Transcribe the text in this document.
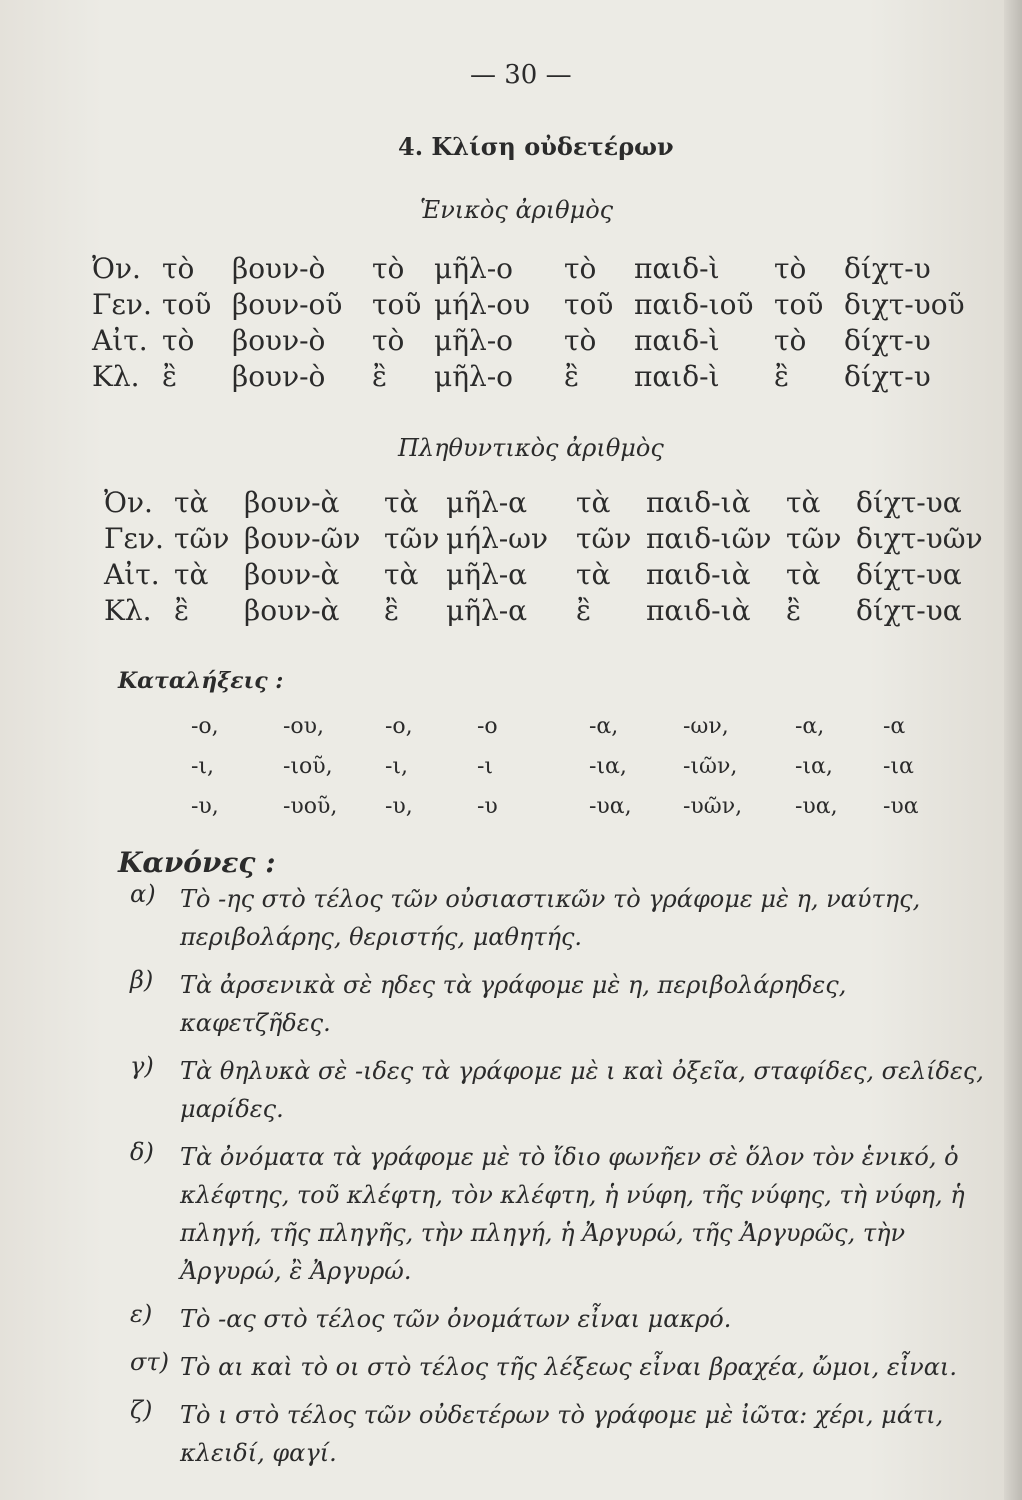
— 30 —
4. Κλίση οὐδετέρων
Ἑνικὸς ἀριθμὸς
Ὀν.	τὸ	βουν-ὸ	τὸ	μῆλ-ο	τὸ	παιδ-ὶ	τὸ	δίχτ-υ
Γεν.	τοῦ	βουν-οῦ	τοῦ	μήλ-ου	τοῦ	παιδ-ιοῦ	τοῦ	διχτ-υοῦ
Αἰτ.	τὸ	βουν-ὸ	τὸ	μῆλ-ο	τὸ	παιδ-ὶ	τὸ	δίχτ-υ
Κλ.	ἒ	βουν-ὸ	ἒ	μῆλ-ο	ἒ	παιδ-ὶ	ἒ	δίχτ-υ
Πληθυντικὸς ἀριθμὸς
Ὀν.	τὰ	βουν-ὰ	τὰ	μῆλ-α	τὰ	παιδ-ιὰ	τὰ	δίχτ-υα
Γεν.	τῶν	βουν-ῶν	τῶν	μήλ-ων	τῶν	παιδ-ιῶν	τῶν	διχτ-υῶν
Αἰτ.	τὰ	βουν-ὰ	τὰ	μῆλ-α	τὰ	παιδ-ιὰ	τὰ	δίχτ-υα
Κλ.	ἒ	βουν-ὰ	ἒ	μῆλ-α	ἒ	παιδ-ιὰ	ἒ	δίχτ-υα
Καταλήξεις :
-ο,	-ου,	-ο,	-ο	-α,	-ων,	-α,	-α
-ι,	-ιοῦ,	-ι,	-ι	-ια,	-ιῶν,	-ια,	-ια
-υ,	-υοῦ,	-υ,	-υ	-υα,	-υῶν,	-υα,	-υα
Κανόνες :
α)	Τὸ -ης στὸ τέλος τῶν οὐσιαστικῶν τὸ γράφομε μὲ η, ναύτης, περιβολάρης, θεριστής, μαθητής.
β)	Τὰ ἀρσενικὰ σὲ ηδες τὰ γράφομε μὲ η, περιβολάρηδες, καφετζῆδες.
γ)	Τὰ θηλυκὰ σὲ -ιδες τὰ γράφομε μὲ ι καὶ ὀξεῖα, σταφίδες, σελίδες, μαρίδες.
δ)	Τὰ ὀνόματα τὰ γράφομε μὲ τὸ ἴδιο φωνῆεν σὲ ὅλον τὸν ἑνικό, ὁ κλέφτης, τοῦ κλέφτη, τὸν κλέφτη, ἡ νύφη, τῆς νύφης, τὴ νύφη, ἡ πληγή, τῆς πληγῆς, τὴν πληγή, ἡ Ἀργυρώ, τῆς Ἀργυρῶς, τὴν Ἀργυρώ, ἒ Ἀργυρώ.
ε)	Τὸ -ας στὸ τέλος τῶν ὀνομάτων εἶναι μακρό.
στ) Τὸ αι καὶ τὸ οι στὸ τέλος τῆς λέξεως εἶναι βραχέα, ὤμοι, εἶναι.
ζ)	Τὸ ι στὸ τέλος τῶν οὐδετέρων τὸ γράφομε μὲ ἰῶτα: χέρι, μάτι, κλειδί, φαγί.
